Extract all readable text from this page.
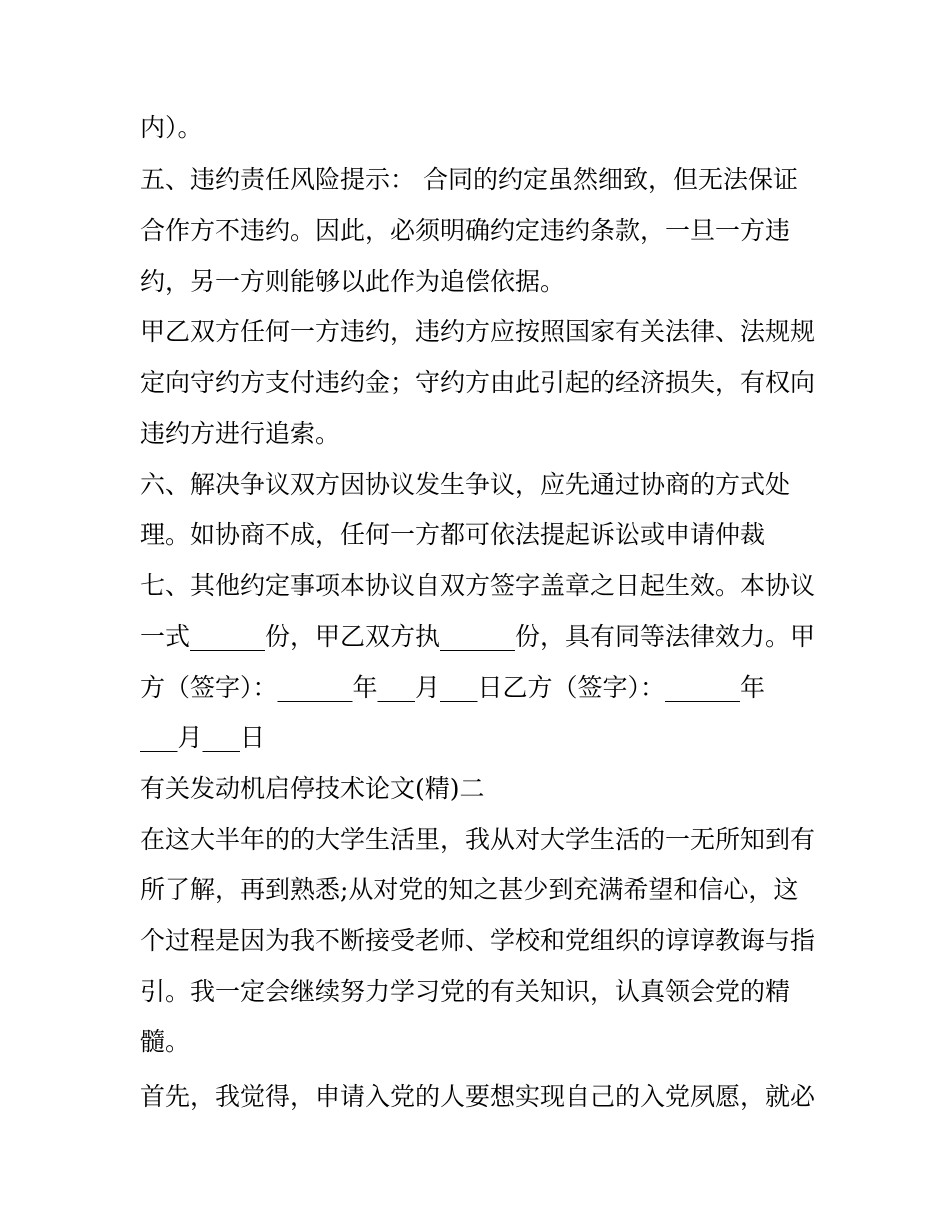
内）。
五、违约责任风险提示： 合同的约定虽然细致，但无法保证
合作方不违约。因此，必须明确约定违约条款，一旦一方违
约，另一方则能够以此作为追偿依据。
甲乙双方任何一方违约，违约方应按照国家有关法律、法规规
定向守约方支付违约金；守约方由此引起的经济损失，有权向
违约方进行追索。
六、解决争议双方因协议发生争议，应先通过协商的方式处
理。如协商不成，任何一方都可依法提起诉讼或申请仲裁
七、其他约定事项本协议自双方签字盖章之日起生效。本协议
一式______份，甲乙双方执______份，具有同等法律效力。甲
方（签字）：______年___月___日乙方（签字）：______年
___月___日
有关发动机启停技术论文(精)二
在这大半年的的大学生活里，我从对大学生活的一无所知到有
所了解，再到熟悉;从对党的知之甚少到充满希望和信心，这
个过程是因为我不断接受老师、学校和党组织的谆谆教诲与指
引。我一定会继续努力学习党的有关知识，认真领会党的精
髓。
首先，我觉得，申请入党的人要想实现自己的入党夙愿，就必
